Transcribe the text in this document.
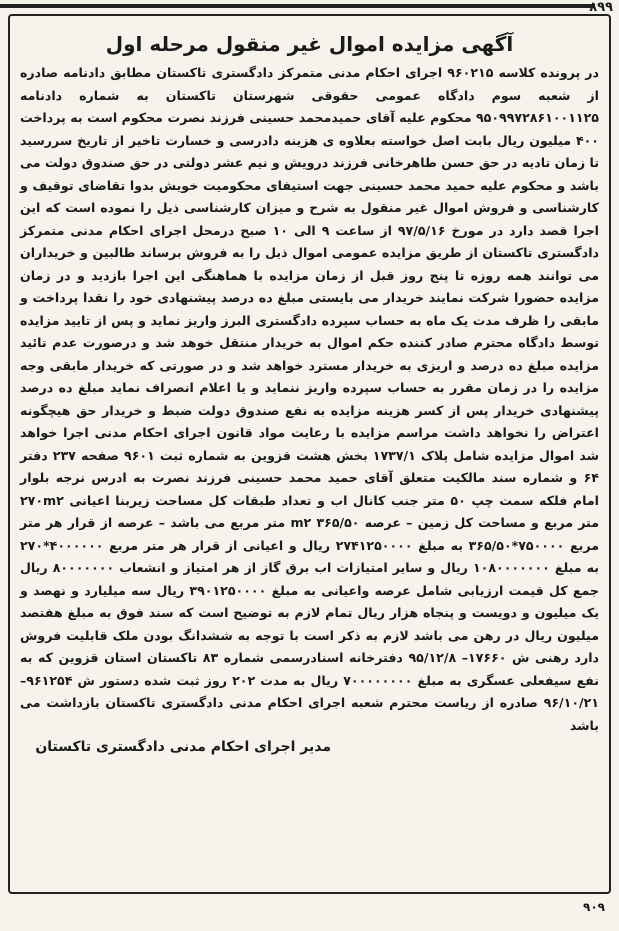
۸۹۹
آگهی مزایده اموال غیر منقول مرحله اول

در پرونده کلاسه ۹۶۰۲۱۵ اجرای احکام مدنی متمرکز دادگستری تاکستان مطابق دادنامه صادره از شعبه سوم دادگاه عمومی حقوقی شهرستان تاکستان به شماره دادنامه ۹۵۰۹۹۷۲۸۶۱۰۰۱۱۲۵ محکوم علیه آقای حمیدمحمد حسینی فرزند نصرت محکوم است به پرداخت ۴۰۰ میلیون ریال بابت اصل خواسته بعلاوه ی هزینه دادرسی و خسارت تاخیر از تاریخ سررسید تا زمان تادیه در حق حسن طاهرخانی فرزند درویش و نیم عشر دولتی در حق صندوق دولت می باشد و محکوم علیه حمید محمد حسینی جهت استیفای محکومیت خویش بدوا تقاضای توقیف و کارشناسی و فروش اموال غیر منقول به شرح و میزان کارشناسی ذیل را نموده است که این اجرا قصد دارد در مورخ ۹۷/۵/۱۶ از ساعت ۹ الی ۱۰ صبح درمحل اجرای احکام مدنی متمرکز دادگستری تاکستان از طریق مزایده عمومی اموال ذیل را به فروش برساند طالبین و خریداران می توانند همه روزه تا پنج روز قبل از زمان مزایده با هماهنگی این اجرا بازدید و در زمان مزایده حضورا شرکت نمایند خریدار می بایستی مبلغ ده درصد پیشنهادی خود را نقدا پرداخت و مابقی را ظرف مدت یک ماه به حساب سپرده دادگستری البرز واریز نماید و پس از تایید مزایده توسط دادگاه محترم صادر کننده حکم اموال به خریدار منتقل خوهد شد و درصورت عدم تائید مزایده مبلغ ده درصد و اریزی به خریدار مسترد خواهد شد و در صورتی که خریدار مابقی وجه مزایده را در زمان مقرر به حساب سپرده واریز ننماید و یا اعلام انصراف نماید مبلغ ده درصد پیشنهادی خریدار پس از کسر هزینه مزایده به نفع صندوق دولت ضبط و خریدار حق هیچگونه اعتراض را نخواهد داشت مراسم مزایده با رعایت مواد قانون اجرای احکام مدنی اجرا خواهد شد اموال مزایده شامل پلاک ۱۷۳۷/۱ بخش هشت قزوین به شماره ثبت ۹۶۰۱ صفحه ۲۳۷ دفتر ۶۴ و شماره سند مالکیت متعلق آقای حمید محمد حسینی فرزند نصرت به ادرس نرجه بلوار امام فلکه سمت چپ ۵۰ متر جنب کانال اب و تعداد طبقات کل مساحت زیربنا اعیانی ۲۷۰m۲ متر مربع و مساحت کل زمین – عرصه ۳۶۵/۵۰ m۲ متر مربع می باشد – عرصه از قرار هر متر مربع ۷۵۰۰۰۰*۳۶۵/۵۰ به مبلغ ۲۷۴۱۲۵۰۰۰۰ ریال و اعیانی از قرار هر متر مربع ۴۰۰۰۰۰۰*۲۷۰ به مبلغ ۱۰۸۰۰۰۰۰۰۰ ریال و سایر امتیازات اب برق گاز از هر امتیاز و انشعاب ۸۰۰۰۰۰۰۰ ریال جمع کل قیمت ارزیابی شامل عرصه واعیانی به مبلغ ۳۹۰۱۲۵۰۰۰۰ ریال سه میلیارد و نهصد و یک میلیون و دویست و پنجاه هزار ریال تمام لازم به توضیح است که سند فوق به مبلغ هفتصد میلیون ریال در رهن می باشد لازم به ذکر است با توجه به ششدانگ بودن ملک قابلیت فروش دارد رهنی ش ۱۷۶۶۰– ۹۵/۱۲/۸ دفترخانه اسنادرسمی شماره ۸۳ تاکستان استان قزوین که به نفع سیفعلی عسگری به مبلغ ۷۰۰۰۰۰۰۰۰ ریال به مدت ۲۰۲ روز ثبت شده دستور ش ۹۶۱۲۵۴– ۹۶/۱۰/۲۱ صادره از ریاست محترم شعبه اجرای احکام مدنی دادگستری تاکستان بازداشت می باشد

مدیر اجرای احکام مدنی دادگستری تاکستان
۹۰۹
